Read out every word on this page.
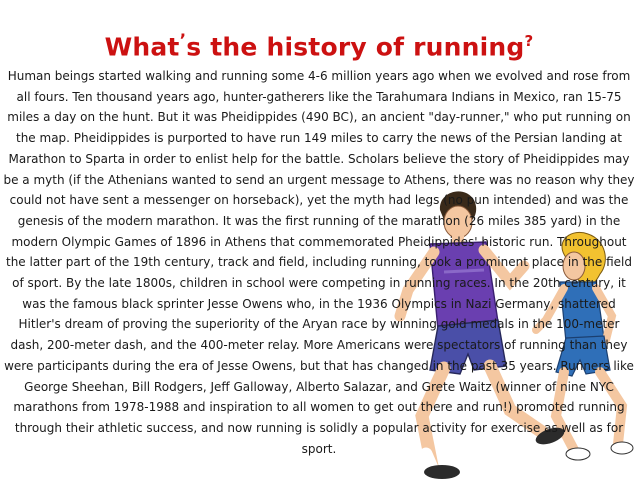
What’s the history of running?

Human beings started walking and running some 4-6 million years ago when we evolved and rose from all fours. Ten thousand years ago, hunter-gatherers like the Tarahumara Indians in Mexico, ran 15-75 miles a day on the hunt. But it was Pheidippides (490 BC), an ancient "day-runner," who put running on the map. Pheidippides is purported to have run 149 miles to carry the news of the Persian landing at Marathon to Sparta in order to enlist help for the battle. Scholars believe the story of Pheidippides may be a myth (if the Athenians wanted to send an urgent message to Athens, there was no reason why they could not have sent a messenger on horseback), yet the myth had legs (no pun intended) and was the genesis of the modern marathon. It was the first running of the marathon (26 miles 385 yard) in the modern Olympic Games of 1896 in Athens that commemorated Pheidippides' historic run. Throughout the latter part of the 19th century, track and field, including running, took a prominent place in the field of sport. By the late 1800s, children in school were competing in running races. In the 20th century, it was the famous black sprinter Jesse Owens who, in the 1936 Olympics in Nazi Germany, shattered Hitler's dream of proving the superiority of the Aryan race by winning gold medals in the 100-meter dash, 200-meter dash, and the 400-meter relay. More Americans were spectators of running than they were participants during the era of Jesse Owens, but that has changed in the past 35 years. Runners like George Sheehan, Bill Rodgers, Jeff Galloway, Alberto Salazar, and Grete Waitz (winner of nine NYC marathons from 1978-1988 and inspiration to all women to get out there and run!) promoted running through their athletic success, and now running is solidly a popular activity for exercise as well as for sport.
